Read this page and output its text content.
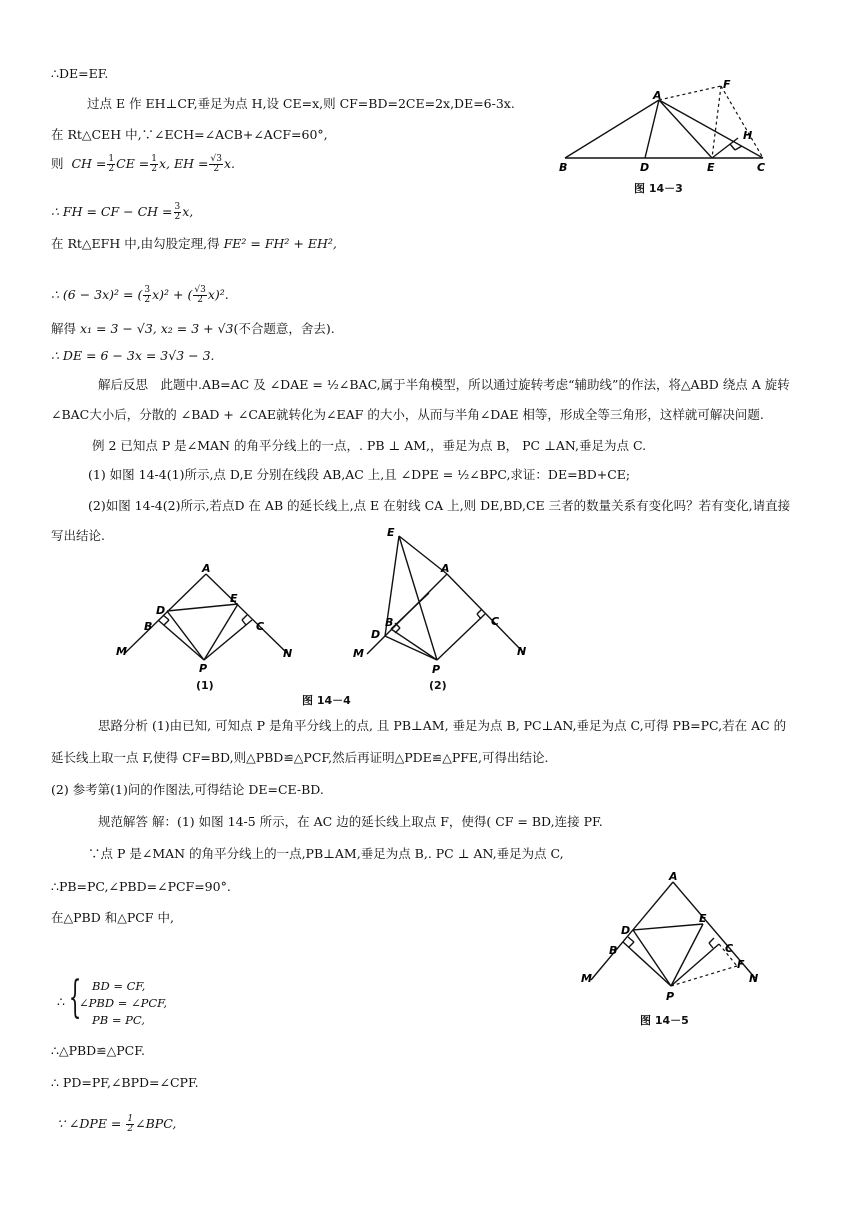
∴DE=EF.
过点 E 作 EH⊥CF,垂足为点 H,设 CE=x,则 CF=BD=2CE=2x,DE=6-3x.
在 Rt△CEH 中,∵∠ECH=∠ACB+∠ACF=60°,
则  CH = $\frac{1}{2}$ CE = $\frac{1}{2} x$, EH = $\frac{√3}{2} x$.
∴ FH = CF − CH = $\frac{3}{2} x$,
在 Rt△EFH 中,由勾股定理,得 FE² = FH² + EH²,
∴ (6 − 3x)² = ( $\frac{3}{2} x)^2$ + ( $\frac{√3}{2} x)^2$.
解得 x₁ = 3 − √3, x₂ = 3 + √3(不合题意，舍去).
∴ DE = 6 − 3x = 3√3 − 3.
解后反思　此题中.AB=AC 及 ∠DAE = ½∠BAC,属于半角模型，所以通过旋转考虑“辅助线”的作法，将△ABD 绕点 A 旋转
∠BAC大小后，分散的 ∠BAD + ∠CAE就转化为∠EAF 的大小，从而与半角∠DAE 相等，形成全等三角形，这样就可解决问题.
例 2 已知点 P 是∠MAN 的角平分线上的一点，. PB ⊥ AM,，垂足为点 B， PC ⊥AN,垂足为点 C.
(1) 如图 14-4(1)所示,点 D,E 分别在线段 AB,AC 上,且 ∠DPE = ½∠BPC,求证：DE=BD+CE;
(2)如图 14-4(2)所示,若点D 在 AB 的延长线上,点 E 在射线 CA 上,则 DE,BD,CE 三者的数量关系有变化吗？若有变化,请直接
写出结论.
思路分析 (1)由已知, 可知点 P 是角平分线上的点, 且 PB⊥AM, 垂足为点 B, PC⊥AN,垂足为点 C,可得 PB=PC,若在 AC 的
延长线上取一点 F,使得 CF=BD,则△PBD≌△PCF,然后再证明△PDE≌△PFE,可得出结论.
(2) 参考第(1)问的作图法,可得结论 DE=CE-BD.
规范解答 解：(1) 如图 14-5 所示，在 AC 边的延长线上取点 F，使得( CF = BD,连接 PF.
∵点 P 是∠MAN 的角平分线上的一点,PB⊥AM,垂足为点 B,. PC ⊥ AN,垂足为点 C,
∴PB=PC,∠PBD=∠PCF=90°.
在△PBD 和△PCF 中,
∴ { BD = CF,
∠PBD = ∠PCF,
PB = PC,
∴△PBD≌△PCF.
∴ PD=PF,∠BPD=∠CPF.
∵ ∠DPE = $\frac{1}{2}$ ∠BPC,
A
F
H
B	D	E	C
图 14－3
A
D
E
B	C
M	N
P
(1)
E
A
B
D
C
M	N
P
(2)
图 14－4
A
D
E
B	C
F
M	N
P
图 14－5
